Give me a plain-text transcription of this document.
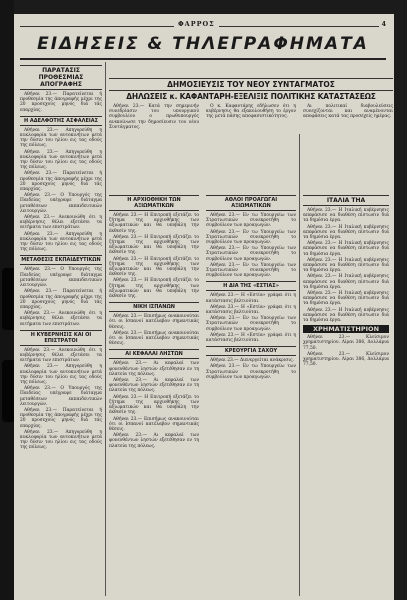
ΦΑΡΡΟΣ	4
ΕΙΔΗΣΕΙΣ & ΤΗΛΕΓΡΑΦΗΜΑΤΑ
ΠΑΡΑΤΑΣΙΣ ΠΡΟΘΕΣΜΙΑΣ ΑΠΟΓΡΑΦΗΣ

Αθήναι 23.— Παρατείνεται ή προθεσμία της άπογραφής μέχρι της 20 προσεχούς μηνός διά τάς επαρχίας.

Η ΑΔΕΛΦΟΤΗΣ ΑΣΦΑΛΕΙΑΣ

Αθήναι 23.— Απηγορεύθη η κυκλοφορία των αυτοκινήτων μετά την δύσιν του ηλίου εις τας οδούς της πόλεως.

Αθήναι 23.— Απηγορεύθη η κυκλοφορία των αυτοκινήτων μετά την δύσιν του ηλίου εις τας οδούς της πόλεως.

Αθήναι 23.— Παρατείνεται ή προθεσμία της άπογραφής μέχρι της 20 προσεχούς μηνός διά τάς επαρχίας.

Αθήναι 23.— Ο Υπουργός της Παιδείας υπέγραψε διάταγμα μεταθέσεων εκπαιδευτικών λειτουργών.

Αθήναι 23.— Ανεκοινώθη ότι η κυβέρνησις θέλει εξετάσει τα αιτήματα των επιστράτων.

Αθήναι 23.— Απηγορεύθη η κυκλοφορία των αυτοκινήτων μετά την δύσιν του ηλίου εις τας οδούς της πόλεως.

ΜΕΤΑΘΕΣΙΣ ΕΚΠΑΙΔΕΥΤΙΚΩΝ

Αθήναι 23.— Ο Υπουργός της Παιδείας υπέγραψε διάταγμα μεταθέσεων εκπαιδευτικών λειτουργών.

Αθήναι 23.— Παρατείνεται ή προθεσμία της άπογραφής μέχρι της 20 προσεχούς μηνός διά τάς επαρχίας.

Αθήναι 23.— Ανεκοινώθη ότι η κυβέρνησις θέλει εξετάσει τα αιτήματα των επιστράτων.

Η ΚΥΒΕΡΝΗΣΙΣ ΚΑΙ ΟΙ ΕΠΙΣΤΡΑΤΟΙ

Αθήναι 23.— Ανεκοινώθη ότι η κυβέρνησις θέλει εξετάσει τα αιτήματα των επιστράτων.

Αθήναι 23.— Απηγορεύθη η κυκλοφορία των αυτοκινήτων μετά την δύσιν του ηλίου εις τας οδούς της πόλεως.

Αθήναι 23.— Ο Υπουργός της Παιδείας υπέγραψε διάταγμα μεταθέσεων εκπαιδευτικών λειτουργών.

Αθήναι 23.— Παρατείνεται ή προθεσμία της άπογραφής μέχρι της 20 προσεχούς μηνός διά τάς επαρχίας.

Αθήναι 23.— Απηγορεύθη η κυκλοφορία των αυτοκινήτων μετά την δύσιν του ηλίου εις τας οδούς της πόλεως.

ΔΗΜΟΣΙΕΥΣΙΣ ΤΟΥ ΝΕΟΥ ΣΥΝΤΑΓΜΑΤΟΣ
ΔΗΛΩΣΕΙΣ κ. ΚΑΦΑΝΤΑΡΗ-ΕΞΕΛΙΞΙΣ ΠΟΛΙΤΙΚΗΣ ΚΑΤΑΣΤΑΣΕΩΣ

Αθήναι 23.— Κατά την σημερινήν συνεδρίασιν του υπουργικού συμβουλίου ο πρωθυπουργός ανεκοίνωσε την δημοσίευσιν του νέου Συντάγματος.

Ο κ. Καφαντάρης εδήλωσεν ότι η κυβέρνησις θα εξακολουθήση το έργον της μετά πάσης αποφασιστικότητος.

Αι πολιτικαί διαβουλεύσεις συνεχίζονται και αναμένονται αποφάσεις κατά τας προσεχείς ημέρας.

Η ΑΡΧΙΟΘΗΚΗ ΤΩΝ ΑΞΙΩΜΑΤΙΚΩΝ

Αθήναι 23.— Η Επιτροπή εξετάζει το ζήτημα της αρχιοθήκης των αξιωματικών και θα υποβάλη την έκθεσίν της.

Αθήναι 23.— Η Επιτροπή εξετάζει το ζήτημα της αρχιοθήκης των αξιωματικών και θα υποβάλη την έκθεσίν της.

Αθήναι 23.— Η Επιτροπή εξετάζει το ζήτημα της αρχιοθήκης των αξιωματικών και θα υποβάλη την έκθεσίν της.

Αθήναι 23.— Η Επιτροπή εξετάζει το ζήτημα της αρχιοθήκης των αξιωματικών και θα υποβάλη την έκθεσίν της.

ΝΙΚΗ ΙΣΠΑΝΩΝ

Αθήναι 23.— Επισήμως ανακοινούται ότι οι Ισπανοί κατέλαβον σημαντικάς θέσεις.

Αθήναι 23.— Επισήμως ανακοινούται ότι οι Ισπανοί κατέλαβον σημαντικάς θέσεις.

ΑΙ ΚΕΦΑΛΑΙ ΛΗΣΤΩΝ

Αθήναι 23.— Αι κεφαλαί των φονευθέντων ληστών εξετέθησαν εν τη πλατεία της πόλεως.

Αθήναι 23.— Αι κεφαλαί των φονευθέντων ληστών εξετέθησαν εν τη πλατεία της πόλεως.

Αθήναι 23.— Η Επιτροπή εξετάζει το ζήτημα της αρχιοθήκης των αξιωματικών και θα υποβάλη την έκθεσίν της.

Αθήναι 23.— Επισήμως ανακοινούται ότι οι Ισπανοί κατέλαβον σημαντικάς θέσεις.

Αθήναι 23.— Αι κεφαλαί των φονευθέντων ληστών εξετέθησαν εν τη πλατεία της πόλεως.

ΑΘΛΟΙ ΠΡΟΑΓΩΓΑΙ ΑΞΙΩΜΑΤΙΚΩΝ

Αθήναι 23.— Εν τω Υπουργείω των Στρατιωτικών συνεκροτήθη το συμβούλιον των προαγωγών.

Αθήναι 23.— Εν τω Υπουργείω των Στρατιωτικών συνεκροτήθη το συμβούλιον των προαγωγών.

Αθήναι 23.— Εν τω Υπουργείω των Στρατιωτικών συνεκροτήθη το συμβούλιον των προαγωγών.

Αθήναι 23.— Εν τω Υπουργείω των Στρατιωτικών συνεκροτήθη το συμβούλιον των προαγωγών.

Η ΔΙΑ ΤΗΣ «ΕΣΤΙΑΣ»

Αθήναι 23.— Η «Εστία» γράφει ότι η κατάστασις βελτιούται.

Αθήναι 23.— Η «Εστία» γράφει ότι η κατάστασις βελτιούται.

Αθήναι 23.— Εν τω Υπουργείω των Στρατιωτικών συνεκροτήθη το συμβούλιον των προαγωγών.

Αθήναι 23.— Η «Εστία» γράφει ότι η κατάστασις βελτιούται.

ΚΡΕΟΥΡΓΙΑ ΣΑΧΟΥ

Αθήναι 23.— Διενεργείται ανάκρισις.

Αθήναι 23.— Εν τω Υπουργείω των Στρατιωτικών συνεκροτήθη το συμβούλιον των προαγωγών.

ΙΤΑΛΙΑ ΤΗΑ

Αθήναι 23.— Η Ιταλική κυβέρνησις απεφάσισε να διαθέση πίστωσιν διά τα δημόσια έργα.

Αθήναι 23.— Η Ιταλική κυβέρνησις απεφάσισε να διαθέση πίστωσιν διά τα δημόσια έργα.

Αθήναι 23.— Η Ιταλική κυβέρνησις απεφάσισε να διαθέση πίστωσιν διά τα δημόσια έργα.

Αθήναι 23.— Η Ιταλική κυβέρνησις απεφάσισε να διαθέση πίστωσιν διά τα δημόσια έργα.

Αθήναι 23.— Η Ιταλική κυβέρνησις απεφάσισε να διαθέση πίστωσιν διά τα δημόσια έργα.

Αθήναι 23.— Η Ιταλική κυβέρνησις απεφάσισε να διαθέση πίστωσιν διά τα δημόσια έργα.

Αθήναι 23.— Η Ιταλική κυβέρνησις απεφάσισε να διαθέση πίστωσιν διά τα δημόσια έργα.

ΧΡΗΜΑΤΙΣΤΗΡΙΟΝ

Αθήναι 23.— Κλείσιμον χρηματιστηρίου. Λίραι 386, Δολλάρια 77,50.

Αθήναι 23.— Κλείσιμον χρηματιστηρίου. Λίραι 386, Δολλάρια 77,50.
